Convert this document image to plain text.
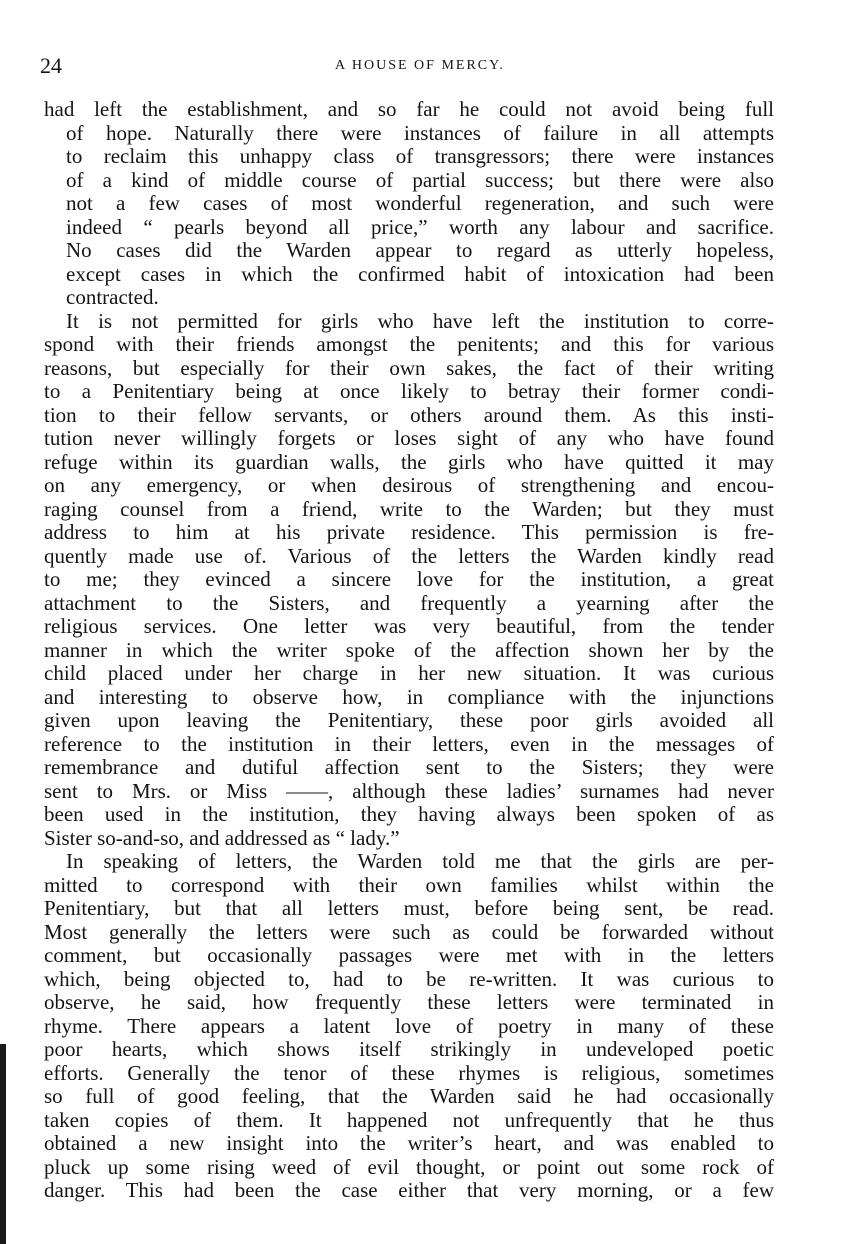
24	A HOUSE OF MERCY.
had left the establishment, and so far he could not avoid being full
of hope. Naturally there were instances of failure in all attempts
to reclaim this unhappy class of transgressors; there were instances
of a kind of middle course of partial success; but there were also
not a few cases of most wonderful regeneration, and such were
indeed “ pearls beyond all price,” worth any labour and sacrifice.
No cases did the Warden appear to regard as utterly hopeless,
except cases in which the confirmed habit of intoxication had been
contracted.
It is not permitted for girls who have left the institution to corre-
spond with their friends amongst the penitents; and this for various
reasons, but especially for their own sakes, the fact of their writing
to a Penitentiary being at once likely to betray their former condi-
tion to their fellow servants, or others around them. As this insti-
tution never willingly forgets or loses sight of any who have found
refuge within its guardian walls, the girls who have quitted it may
on any emergency, or when desirous of strengthening and encou-
raging counsel from a friend, write to the Warden; but they must
address to him at his private residence. This permission is fre-
quently made use of. Various of the letters the Warden kindly read
to me; they evinced a sincere love for the institution, a great
attachment to the Sisters, and frequently a yearning after the
religious services. One letter was very beautiful, from the tender
manner in which the writer spoke of the affection shown her by the
child placed under her charge in her new situation. It was curious
and interesting to observe how, in compliance with the injunctions
given upon leaving the Penitentiary, these poor girls avoided all
reference to the institution in their letters, even in the messages of
remembrance and dutiful affection sent to the Sisters; they were
sent to Mrs. or Miss ——, although these ladies’ surnames had never
been used in the institution, they having always been spoken of as
Sister so-and-so, and addressed as “ lady.”
In speaking of letters, the Warden told me that the girls are per-
mitted to correspond with their own families whilst within the
Penitentiary, but that all letters must, before being sent, be read.
Most generally the letters were such as could be forwarded without
comment, but occasionally passages were met with in the letters
which, being objected to, had to be re-written. It was curious to
observe, he said, how frequently these letters were terminated in
rhyme. There appears a latent love of poetry in many of these
poor hearts, which shows itself strikingly in undeveloped poetic
efforts. Generally the tenor of these rhymes is religious, sometimes
so full of good feeling, that the Warden said he had occasionally
taken copies of them. It happened not unfrequently that he thus
obtained a new insight into the writer’s heart, and was enabled to
pluck up some rising weed of evil thought, or point out some rock of
danger. This had been the case either that very morning, or a few
